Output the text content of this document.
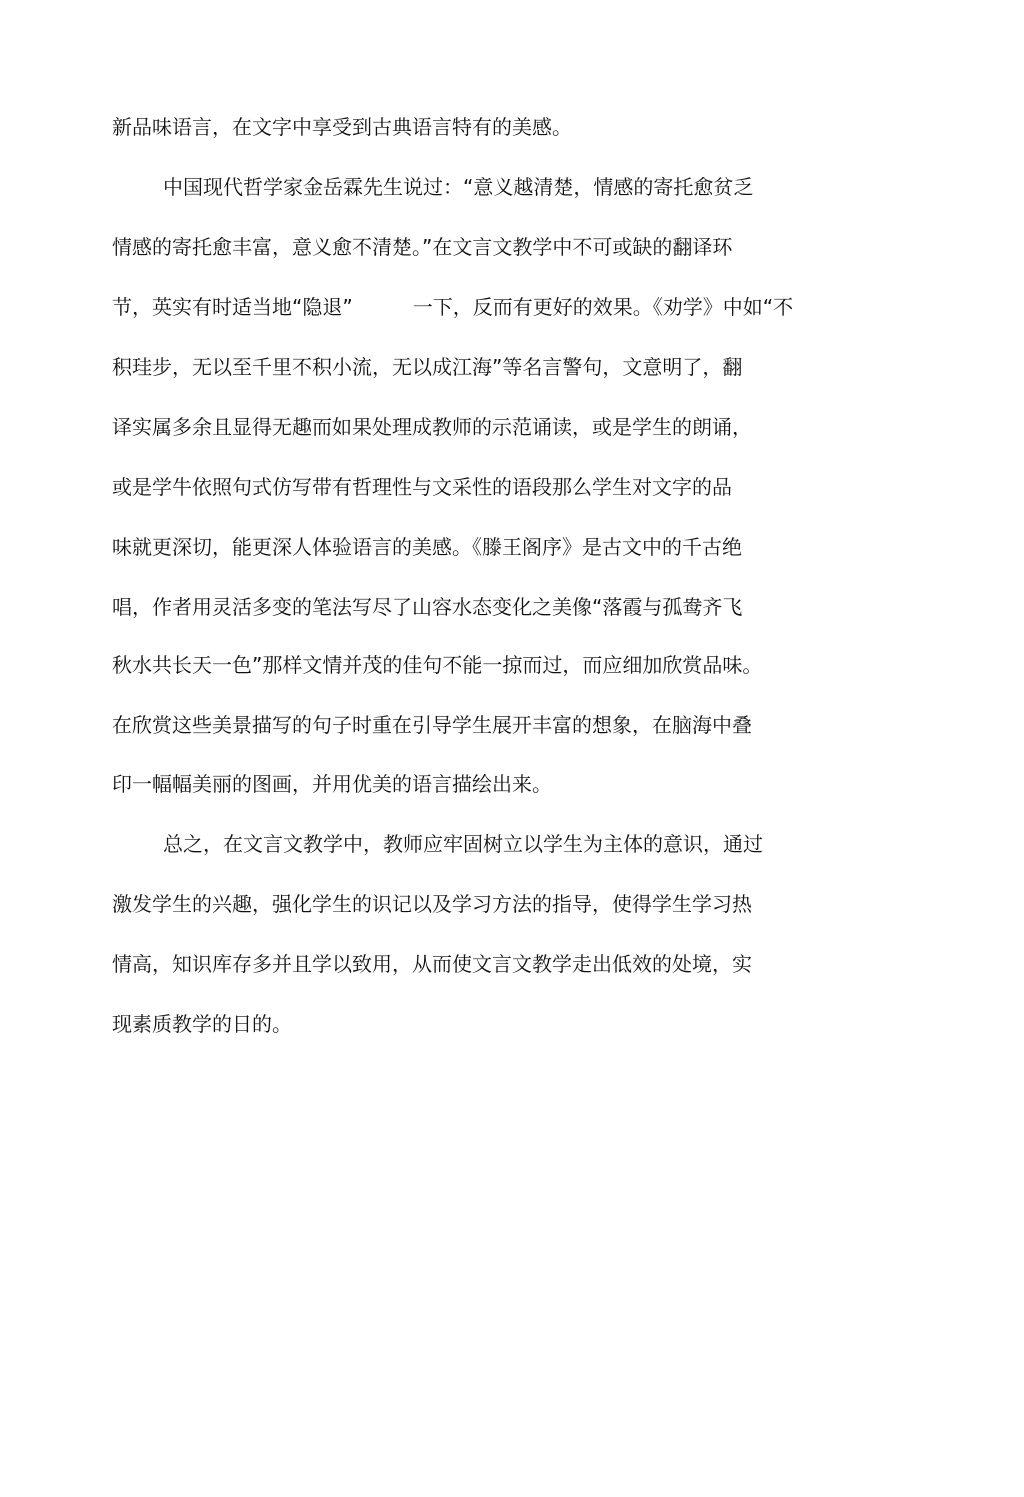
新品味语言，在文字中享受到古典语言特有的美感。
中国现代哲学家金岳霖先生说过：“意义越清楚，情感的寄托愈贫乏
情感的寄托愈丰富，意义愈不清楚。”在文言文教学中不可或缺的翻译环
节，英实有时适当地“隐退”　　　一下，反而有更好的效果。《劝学》中如“不
积珪步，无以至千里不积小流，无以成江海”等名言警句，文意明了，翻
译实属多余且显得无趣而如果处理成教师的示范诵读，或是学生的朗诵，
或是学牛依照句式仿写带有哲理性与文采性的语段那么学生对文字的品
味就更深切，能更深人体验语言的美感。《滕王阁序》是古文中的千古绝
唱，作者用灵活多变的笔法写尽了山容水态变化之美像“落霞与孤鸯齐飞
秋水共长天一色”那样文情并茂的佳句不能一掠而过，而应细加欣赏品味。
在欣赏这些美景描写的句子时重在引导学生展开丰富的想象，在脑海中叠
印一幅幅美丽的图画，并用优美的语言描绘出来。
总之，在文言文教学中，教师应牢固树立以学生为主体的意识，通过
激发学生的兴趣，强化学生的识记以及学习方法的指导，使得学生学习热
情高，知识库存多并且学以致用，从而使文言文教学走出低效的处境，实
现素质教学的日的。
